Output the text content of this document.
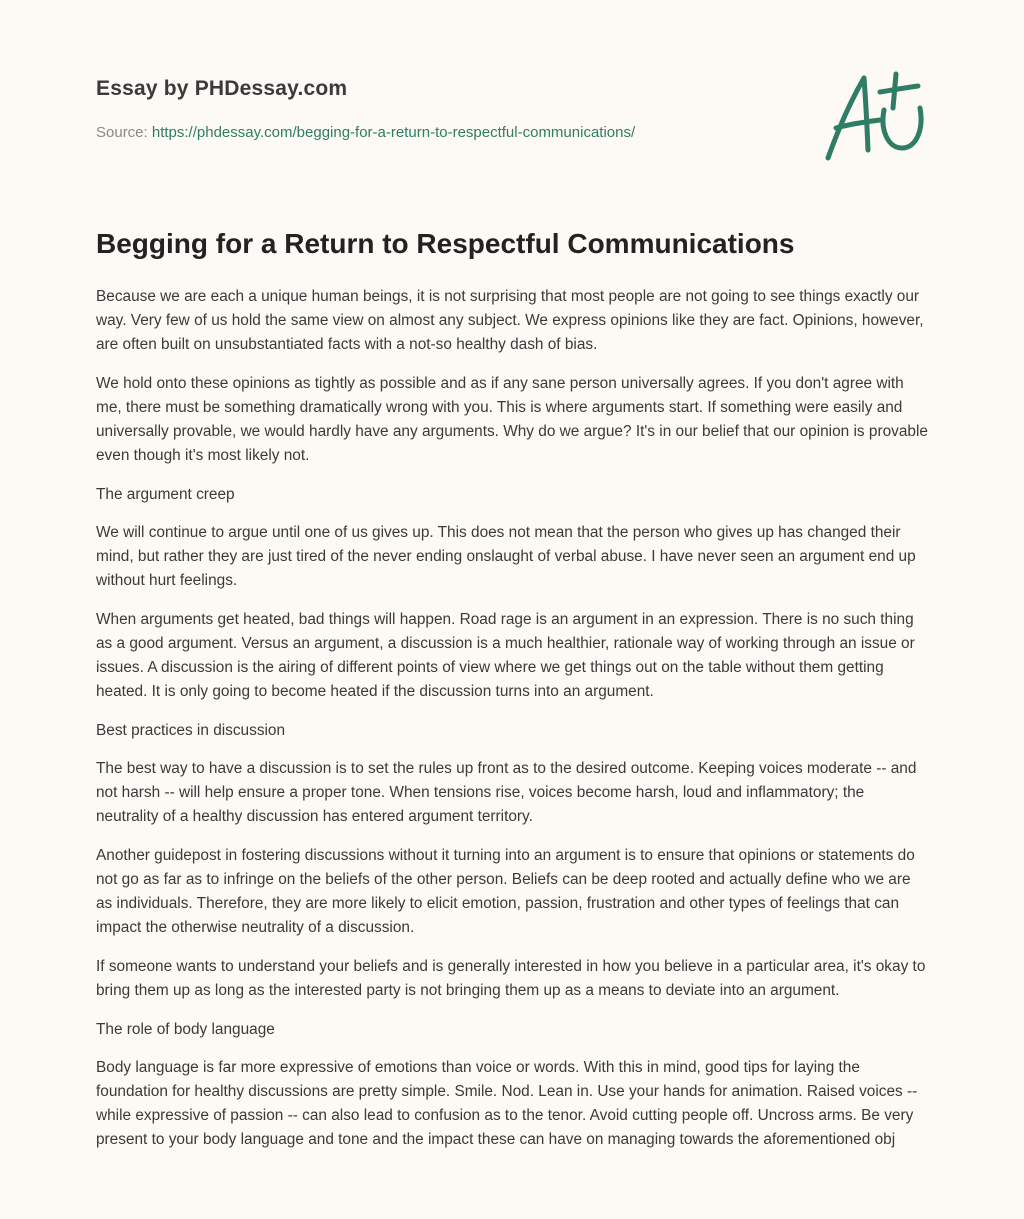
Essay by PHDessay.com
Source: https://phdessay.com/begging-for-a-return-to-respectful-communications/
Begging for a Return to Respectful Communications

Because we are each a unique human beings, it is not surprising that most people are not going to see things exactly our way. Very few of us hold the same view on almost any subject. We express opinions like they are fact. Opinions, however, are often built on unsubstantiated facts with a not-so healthy dash of bias.

We hold onto these opinions as tightly as possible and as if any sane person universally agrees. If you don't agree with me, there must be something dramatically wrong with you. This is where arguments start. If something were easily and universally provable, we would hardly have any arguments. Why do we argue? It's in our belief that our opinion is provable even though it's most likely not.

The argument creep

We will continue to argue until one of us gives up. This does not mean that the person who gives up has changed their mind, but rather they are just tired of the never ending onslaught of verbal abuse. I have never seen an argument end up without hurt feelings.

When arguments get heated, bad things will happen. Road rage is an argument in an expression. There is no such thing as a good argument. Versus an argument, a discussion is a much healthier, rationale way of working through an issue or issues. A discussion is the airing of different points of view where we get things out on the table without them getting heated. It is only going to become heated if the discussion turns into an argument.

Best practices in discussion

The best way to have a discussion is to set the rules up front as to the desired outcome. Keeping voices moderate -- and not harsh -- will help ensure a proper tone. When tensions rise, voices become harsh, loud and inflammatory; the neutrality of a healthy discussion has entered argument territory.

Another guidepost in fostering discussions without it turning into an argument is to ensure that opinions or statements do not go as far as to infringe on the beliefs of the other person. Beliefs can be deep rooted and actually define who we are as individuals. Therefore, they are more likely to elicit emotion, passion, frustration and other types of feelings that can impact the otherwise neutrality of a discussion.

If someone wants to understand your beliefs and is generally interested in how you believe in a particular area, it's okay to bring them up as long as the interested party is not bringing them up as a means to deviate into an argument.

The role of body language

Body language is far more expressive of emotions than voice or words. With this in mind, good tips for laying the foundation for healthy discussions are pretty simple. Smile. Nod. Lean in. Use your hands for animation. Raised voices -- while expressive of passion -- can also lead to confusion as to the tenor. Avoid cutting people off. Uncross arms. Be very present to your body language and tone and the impact these can have on managing towards the aforementioned obj
